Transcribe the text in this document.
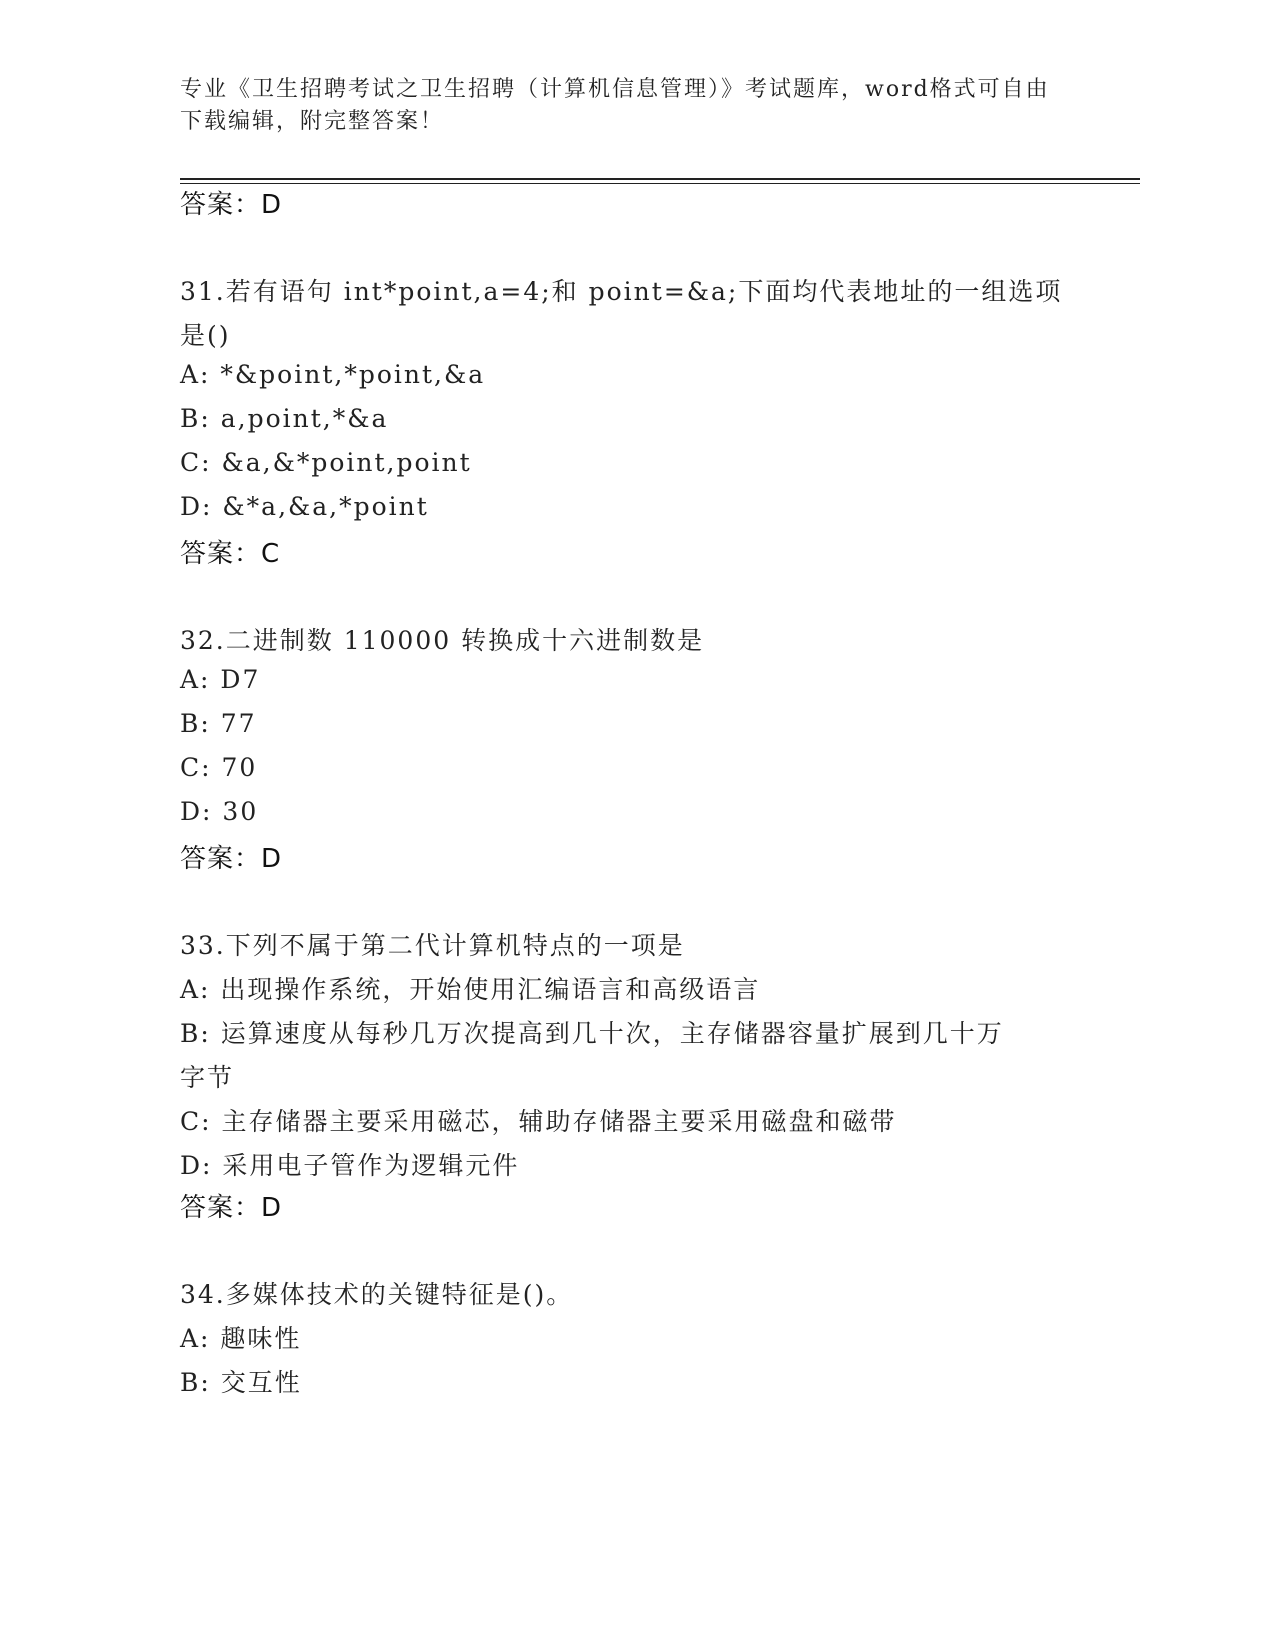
专业《卫生招聘考试之卫生招聘（计算机信息管理）》考试题库，word格式可自由下载编辑，附完整答案！
答案：D
31.若有语句 int*point,a=4;和 point=&a;下面均代表地址的一组选项
是()
A: *&point,*point,&a
B: a,point,*&a
C: &a,&*point,point
D: &*a,&a,*point
答案：C
32.二进制数 110000 转换成十六进制数是
A: D7
B: 77
C: 70
D: 30
答案：D
33.下列不属于第二代计算机特点的一项是
A: 出现操作系统，开始使用汇编语言和高级语言
B: 运算速度从每秒几万次提高到几十次，主存储器容量扩展到几十万
字节
C: 主存储器主要采用磁芯，辅助存储器主要采用磁盘和磁带
D: 采用电子管作为逻辑元件
答案：D
34.多媒体技术的关键特征是()。
A: 趣味性
B: 交互性
